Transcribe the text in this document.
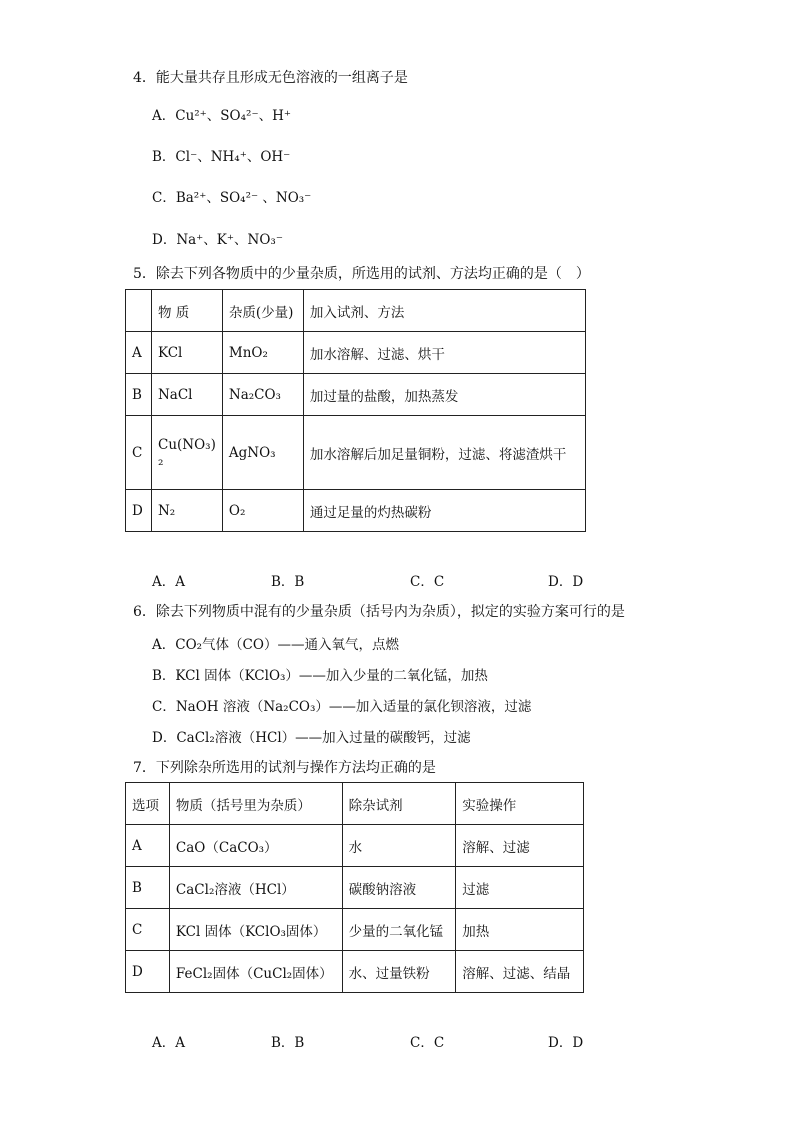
4．能大量共存且形成无色溶液的一组离子是
A．Cu²⁺、SO₄²⁻、H⁺
B．Cl⁻、NH₄⁺、OH⁻
C．Ba²⁺、SO₄²⁻ 、NO₃⁻
D．Na⁺、K⁺、NO₃⁻
5．除去下列各物质中的少量杂质，所选用的试剂、方法均正确的是（　）
	物 质	杂质(少量)	加入试剂、方法
A	KCl	MnO₂	加水溶解、过滤、烘干
B	NaCl	Na₂CO₃	加过量的盐酸，加热蒸发
C	Cu(NO₃)₂	AgNO₃	加水溶解后加足量铜粉，过滤、将滤渣烘干
D	N₂	O₂	通过足量的灼热碳粉
A．A	B．B	C．C	D．D
6．除去下列物质中混有的少量杂质（括号内为杂质），拟定的实验方案可行的是
A．CO₂气体（CO）——通入氧气，点燃
B．KCl 固体（KClO₃）——加入少量的二氧化锰，加热
C．NaOH 溶液（Na₂CO₃）——加入适量的氯化钡溶液，过滤
D．CaCl₂溶液（HCl）——加入过量的碳酸钙，过滤
7．下列除杂所选用的试剂与操作方法均正确的是
选项	物质（括号里为杂质）	除杂试剂	实验操作
A	CaO（CaCO₃）	水	溶解、过滤
B	CaCl₂溶液（HCl）	碳酸钠溶液	过滤
C	KCl 固体（KClO₃固体）	少量的二氧化锰	加热
D	FeCl₂固体（CuCl₂固体）	水、过量铁粉	溶解、过滤、结晶
A．A	B．B	C．C	D．D
